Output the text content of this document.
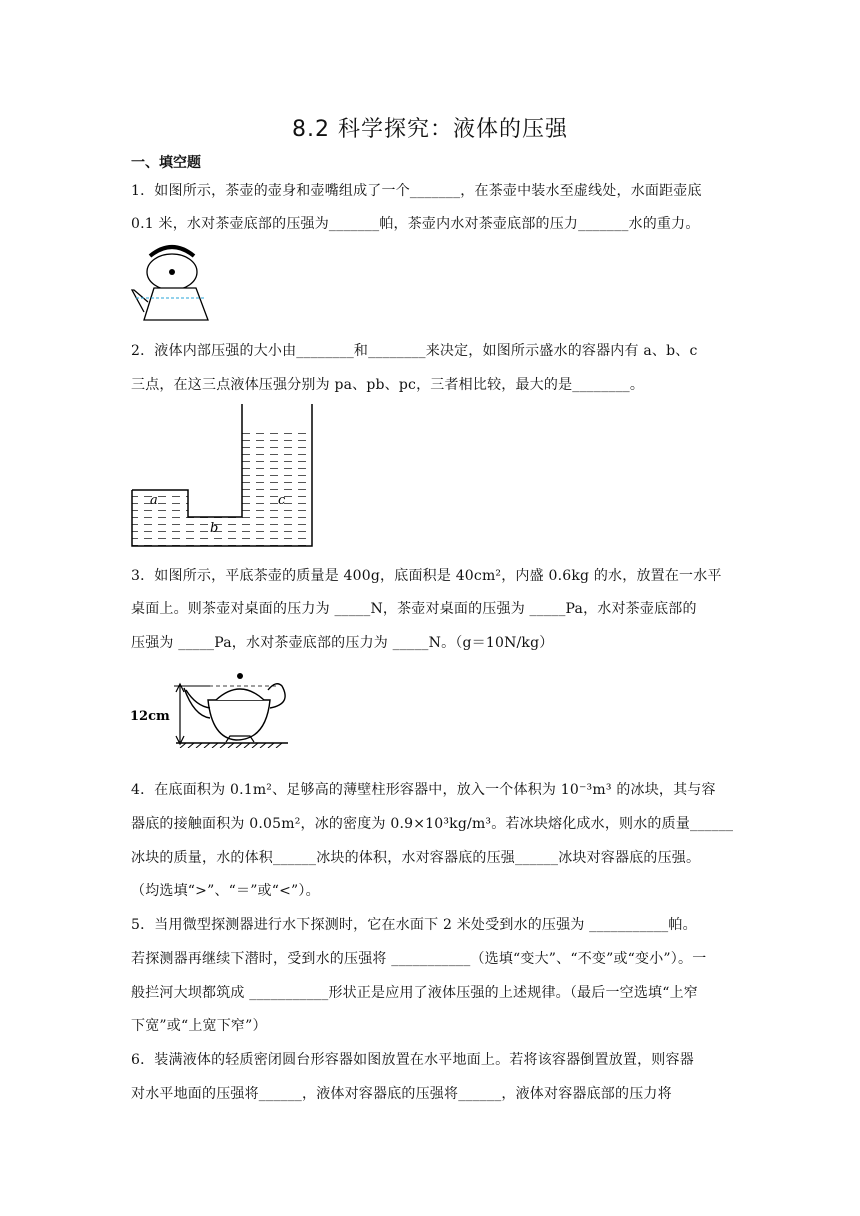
8.2 科学探究：液体的压强
一、填空题
1．如图所示，茶壶的壶身和壶嘴组成了一个_______，在茶壶中装水至虚线处，水面距壶底
0.1 米，水对茶壶底部的压强为_______帕，茶壶内水对茶壶底部的压力_______水的重力。
2．液体内部压强的大小由________和________来决定，如图所示盛水的容器内有 a、b、c
三点，在这三点液体压强分别为 pa、pb、pc，三者相比较，最大的是________。
a
b
c
3．如图所示，平底茶壶的质量是 400g，底面积是 40cm²，内盛 0.6kg 的水，放置在一水平
桌面上。则茶壶对桌面的压力为 _____N，茶壶对桌面的压强为 _____Pa，水对茶壶底部的
压强为 _____Pa，水对茶壶底部的压力为 _____N。（g＝10N/kg）
12cm
4．在底面积为 0.1m²、足够高的薄壁柱形容器中，放入一个体积为 10⁻³m³ 的冰块，其与容
器底的接触面积为 0.05m²，冰的密度为 0.9×10³kg/m³。若冰块熔化成水，则水的质量______
冰块的质量，水的体积______冰块的体积，水对容器底的压强______冰块对容器底的压强。
（均选填“>”、“＝”或“<”）。
5．当用微型探测器进行水下探测时，它在水面下 2 米处受到水的压强为 ___________帕。
若探测器再继续下潜时，受到水的压强将 ___________（选填“变大”、“不变”或“变小”）。一
般拦河大坝都筑成 ___________形状正是应用了液体压强的上述规律。（最后一空选填“上窄
下宽”或“上宽下窄”）
6．装满液体的轻质密闭圆台形容器如图放置在水平地面上。若将该容器倒置放置，则容器
对水平地面的压强将______，液体对容器底的压强将______，液体对容器底部的压力将
